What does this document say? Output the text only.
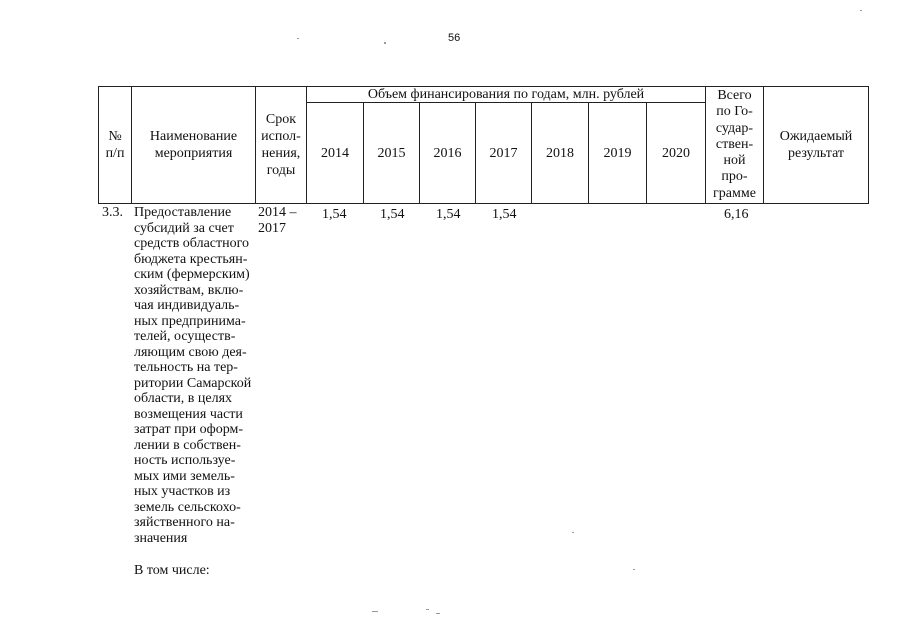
56
№
п/п
Наименование
мероприятия
Срок
испол-
нения,
годы
Объем финансирования по годам, млн. рублей
2014 2015 2016 2017 2018 2019 2020
Всего
по Го-
судар-
ствен-
ной
про-
грамме
Ожидаемый
результат
3.3. Предоставление
субсидий за счет
средств областного
бюджета крестьян-
ским (фермерским)
хозяйствам, вклю-
чая индивидуаль-
ных предпринима-
телей, осуществ-
ляющим свою дея-
тельность на тер-
ритории Самарской
области, в целях
возмещения части
затрат при оформ-
лении в собствен-
ность используе-
мых ими земель-
ных участков из
земель сельскохо-
зяйственного на-
значения
2014 –
2017
1,54 1,54 1,54 1,54	6,16
В том числе:
